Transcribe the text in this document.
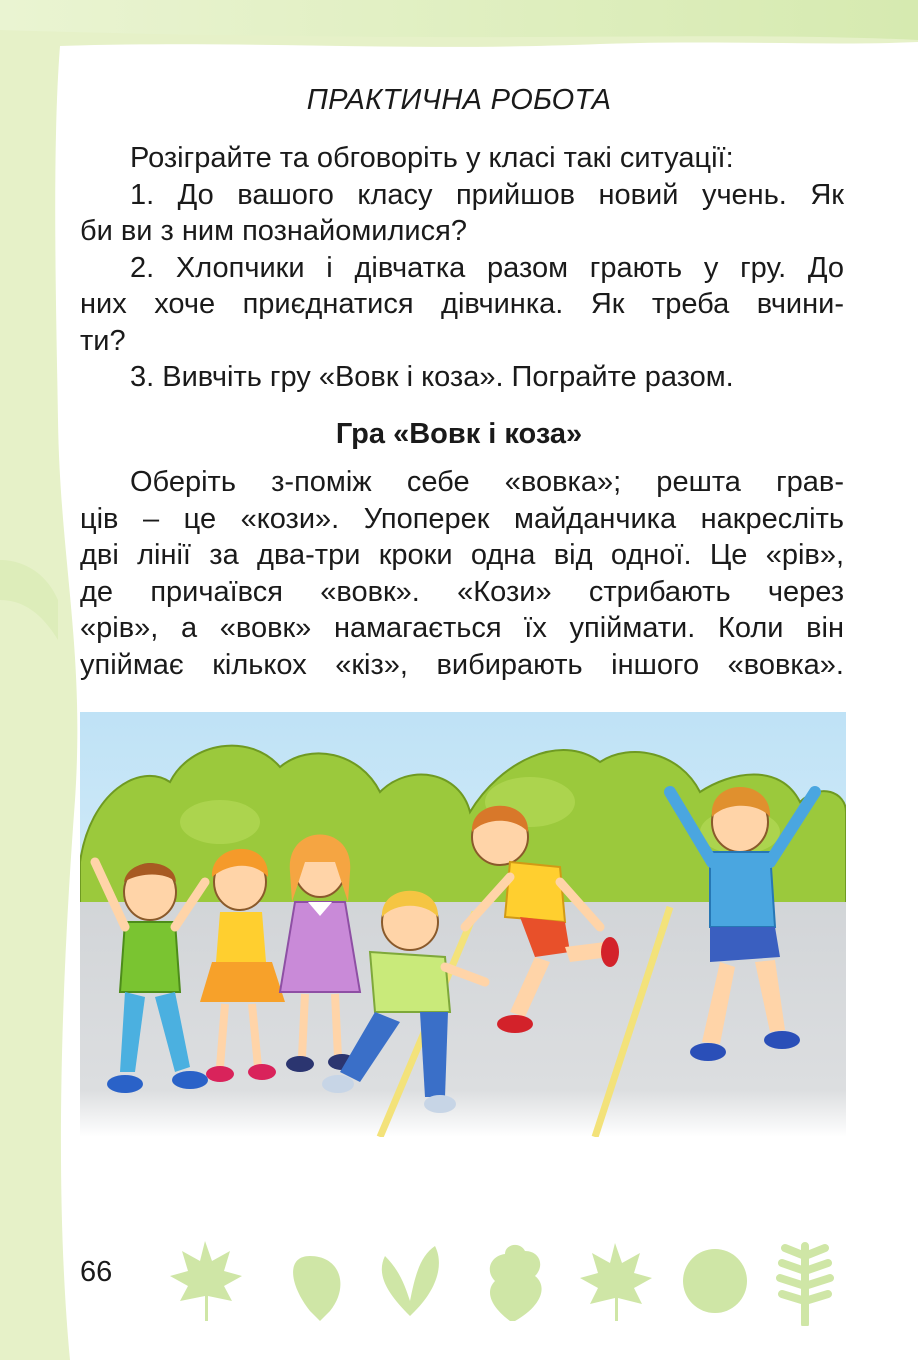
ПРАКТИЧНА РОБОТА
Розіграйте та обговоріть у класі такі ситуації:
1. До вашого класу прийшов новий учень. Як
би ви з ним познайомилися?
2. Хлопчики і дівчатка разом грають у гру. До
них хоче приєднатися дівчинка. Як треба вчини-
ти?
3. Вивчіть гру «Вовк і коза». Пограйте разом.
Гра «Вовк і коза»
Оберіть з-поміж себе «вовка»; решта грав-
ців – це «кози». Упоперек майданчика накресліть
дві лінії за два-три кроки одна від одної. Це «рів»,
де причаївся «вовк». «Кози» стрибають через
«рів», а «вовк» намагається їх упіймати. Коли він
упіймає кількох «кіз», вибирають іншого «вовка».
66
